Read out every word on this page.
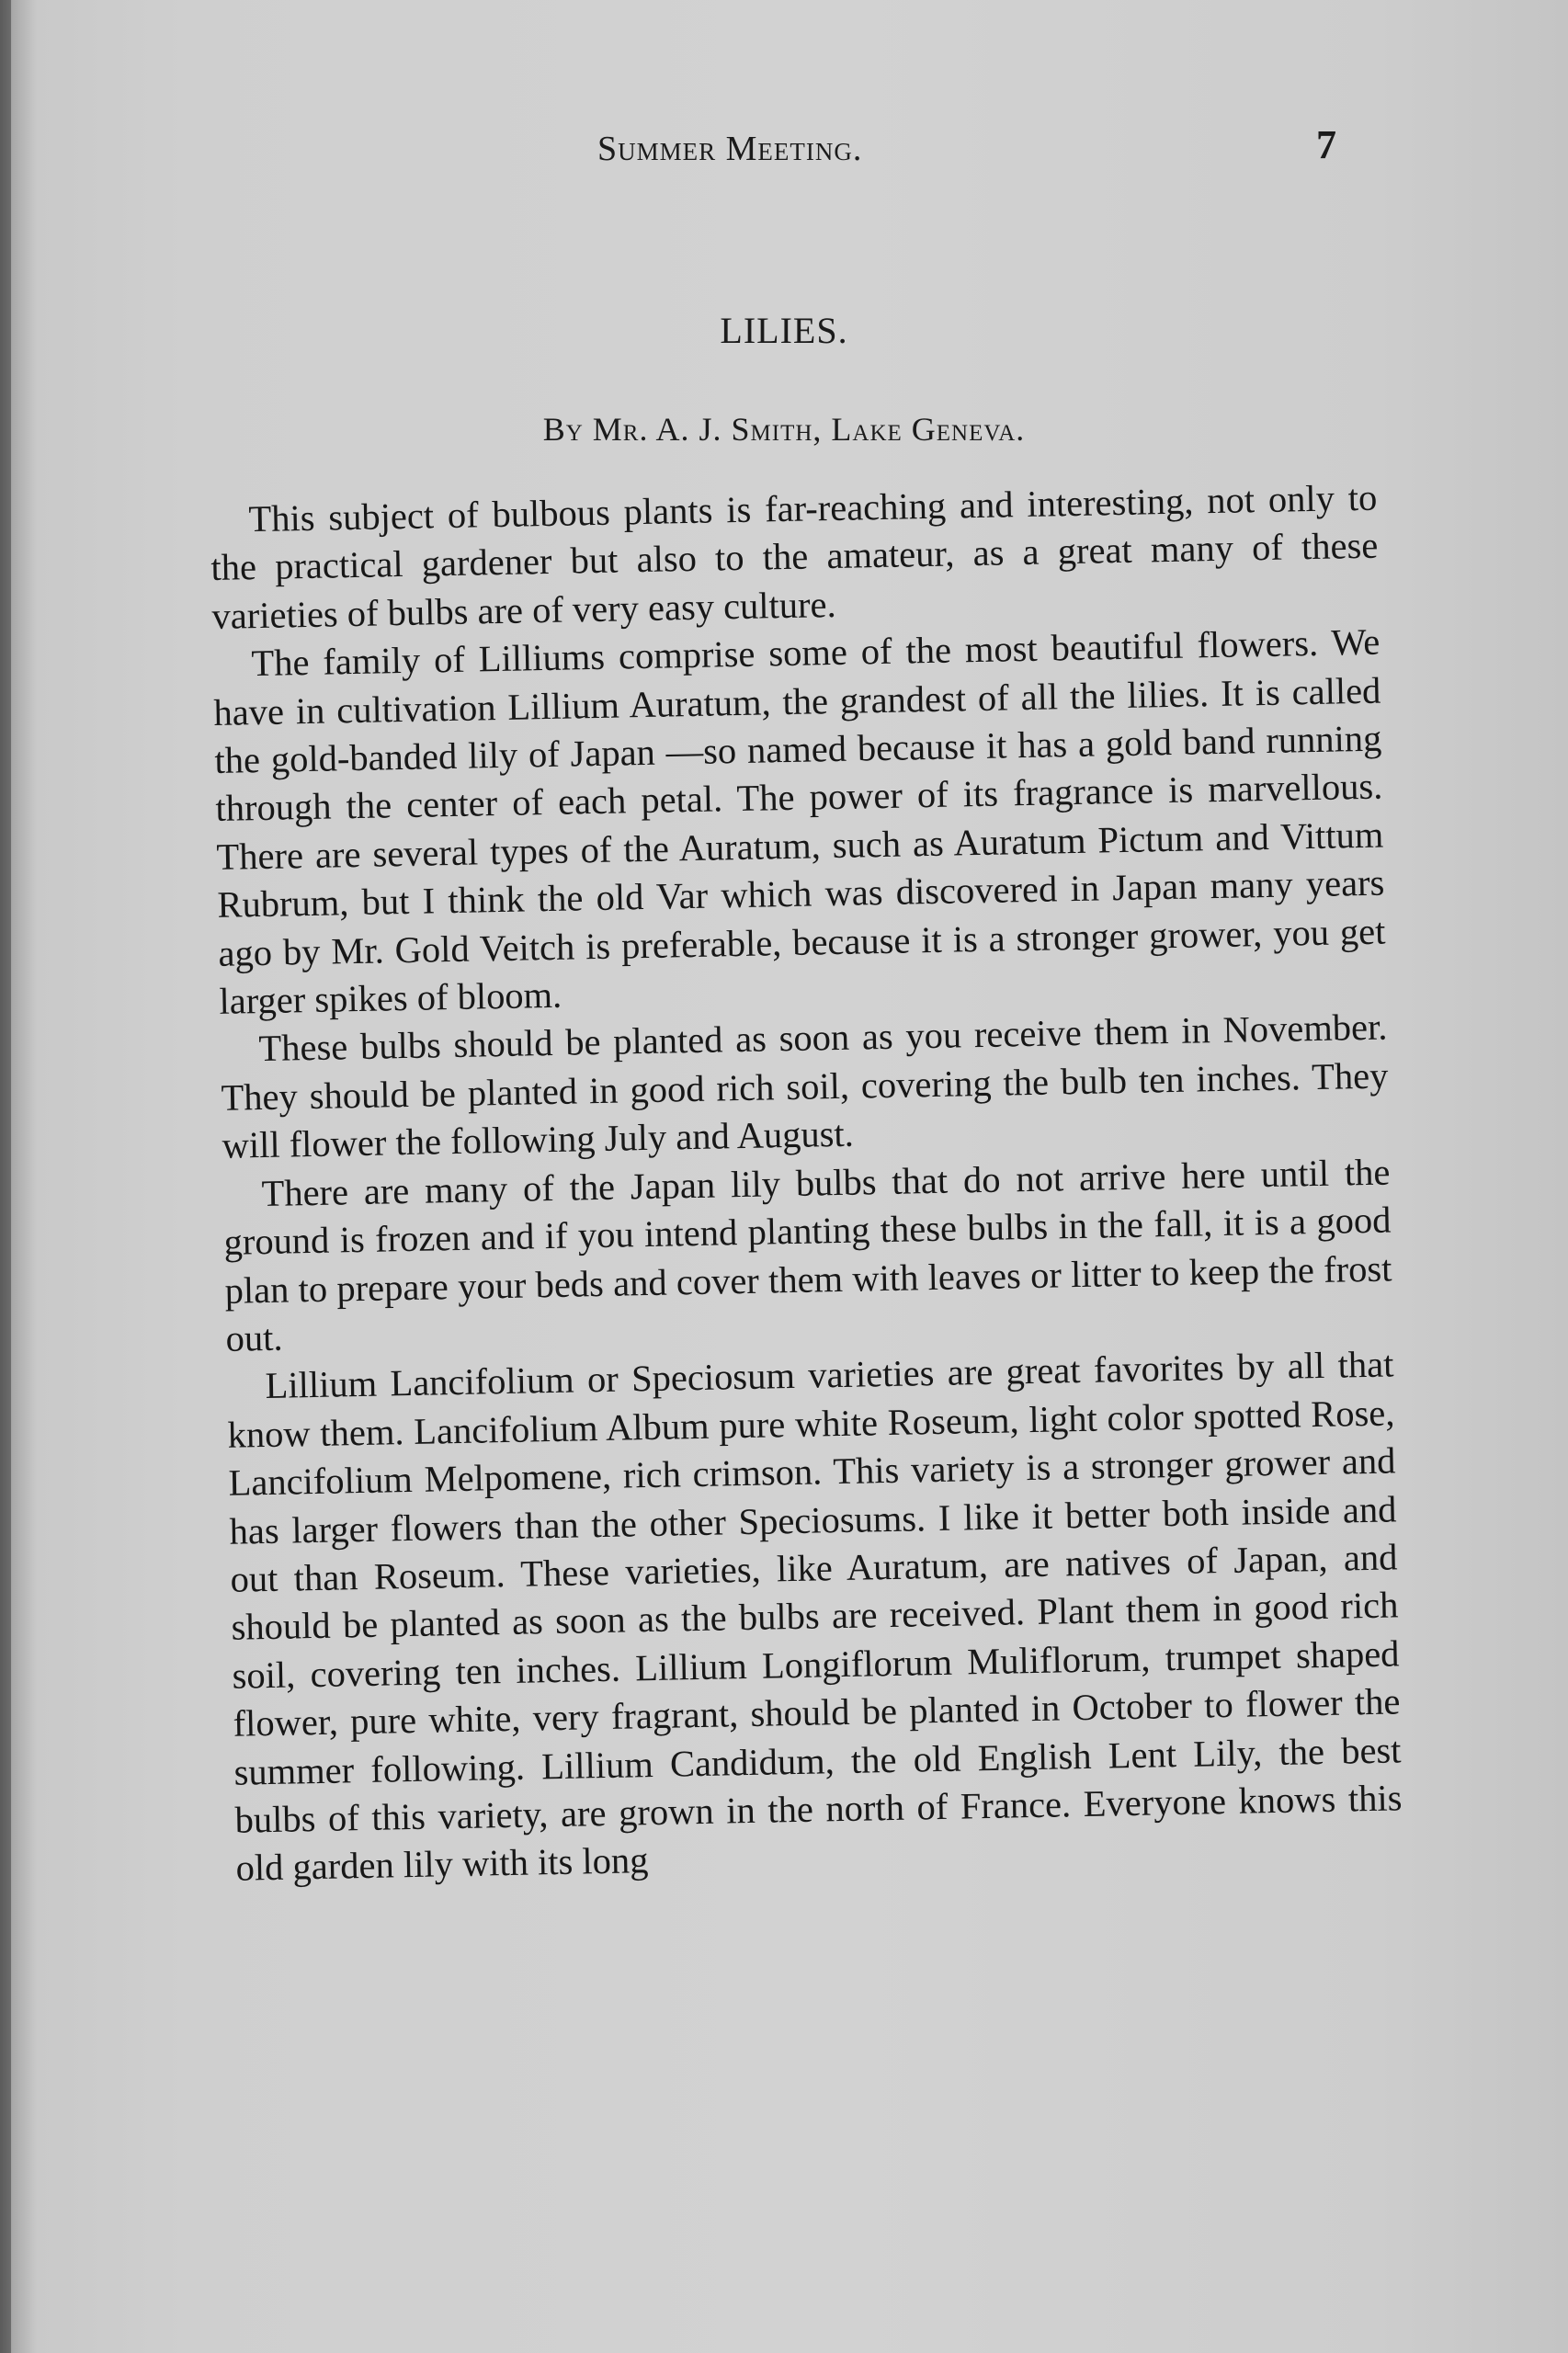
Summer Meeting.	7
LILIES.
By Mr. A. J. Smith, Lake Geneva.

This subject of bulbous plants is far-reaching and interesting, not only to the practical gardener but also to the amateur, as a great many of these varieties of bulbs are of very easy culture.

The family of Lilliums comprise some of the most beautiful flowers. We have in cultivation Lillium Auratum, the grandest of all the lilies. It is called the gold-banded lily of Japan —so named because it has a gold band running through the center of each petal. The power of its fragrance is marvellous. There are several types of the Auratum, such as Auratum Pictum and Vittum Rubrum, but I think the old Var which was discovered in Japan many years ago by Mr. Gold Veitch is preferable, because it is a stronger grower, you get larger spikes of bloom.

These bulbs should be planted as soon as you receive them in November. They should be planted in good rich soil, covering the bulb ten inches. They will flower the following July and August.

There are many of the Japan lily bulbs that do not arrive here until the ground is frozen and if you intend planting these bulbs in the fall, it is a good plan to prepare your beds and cover them with leaves or litter to keep the frost out.

Lillium Lancifolium or Speciosum varieties are great favorites by all that know them. Lancifolium Album pure white Roseum, light color spotted Rose, Lancifolium Melpomene, rich crimson. This variety is a stronger grower and has larger flowers than the other Speciosums. I like it better both inside and out than Roseum. These varieties, like Auratum, are natives of Japan, and should be planted as soon as the bulbs are received. Plant them in good rich soil, covering ten inches. Lillium Longiflorum Muliflorum, trumpet shaped flower, pure white, very fragrant, should be planted in October to flower the summer following. Lillium Candidum, the old English Lent Lily, the best bulbs of this variety, are grown in the north of France. Everyone knows this old garden lily with its long
